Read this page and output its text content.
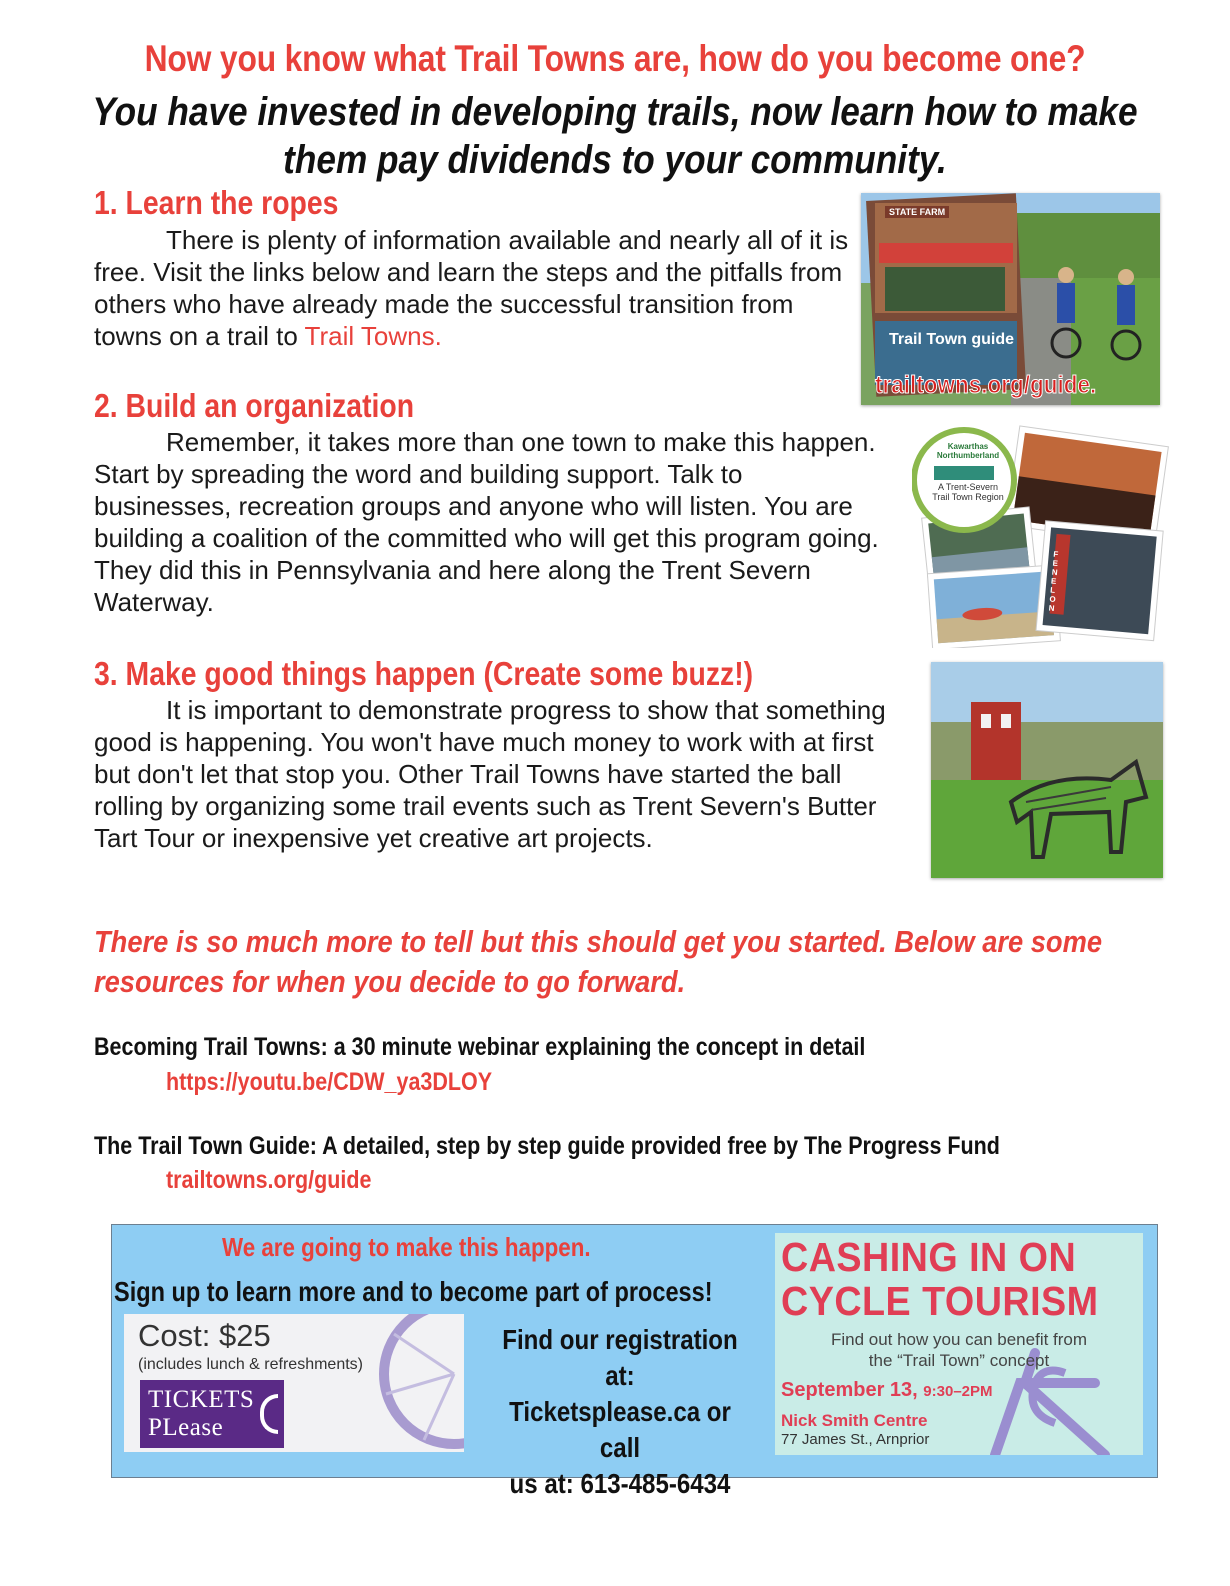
Now you know what Trail Towns are, how do you become one?
You have invested in developing trails, now learn how to make
them pay dividends to your community.
1. Learn the ropes
There is plenty of information available and nearly all of it is free. Visit the links below and learn the steps and the pitfalls from others who have already made the successful transition from towns on a trail to Trail Towns.
STATE FARM
Trail Town guide
trailtowns.org/guide.
2. Build an organization
Remember, it takes more than one town to make this happen. Start by spreading the word and building support. Talk to businesses, recreation groups and anyone who will listen. You are building a coalition of the committed who will get this program going. They did this in Pennsylvania and here along the Trent Severn Waterway.
Kawarthas Northumberland
A Trent-Severn
Trail Town Region
FENELON
3. Make good things happen (Create some buzz!)
It is important to demonstrate progress to show that something good is happening. You won't have much money to work with at first but don't let that stop you. Other Trail Towns have started the ball rolling by organizing some trail events such as Trent Severn's Butter Tart Tour or inexpensive yet creative art projects.
There is so much more to tell but this should get you started. Below are some
resources for when you decide to go forward.
Becoming Trail Towns: a 30 minute webinar explaining the concept in detail
https://youtu.be/CDW_ya3DLOY
The Trail Town Guide: A detailed, step by step guide provided free by The Progress Fund
trailtowns.org/guide
We are going to make this happen.
Sign up to learn more and to become part of process!
Cost: $25
(includes lunch & refreshments)
TICKETS
PLease
Find our registration at:
Ticketsplease.ca or call
us at: 613-485-6434
CASHING IN ON
CYCLE TOURISM
Find out how you can benefit from
the “Trail Town” concept
September 13, 9:30–2PM
Nick Smith Centre
77 James St., Arnprior
